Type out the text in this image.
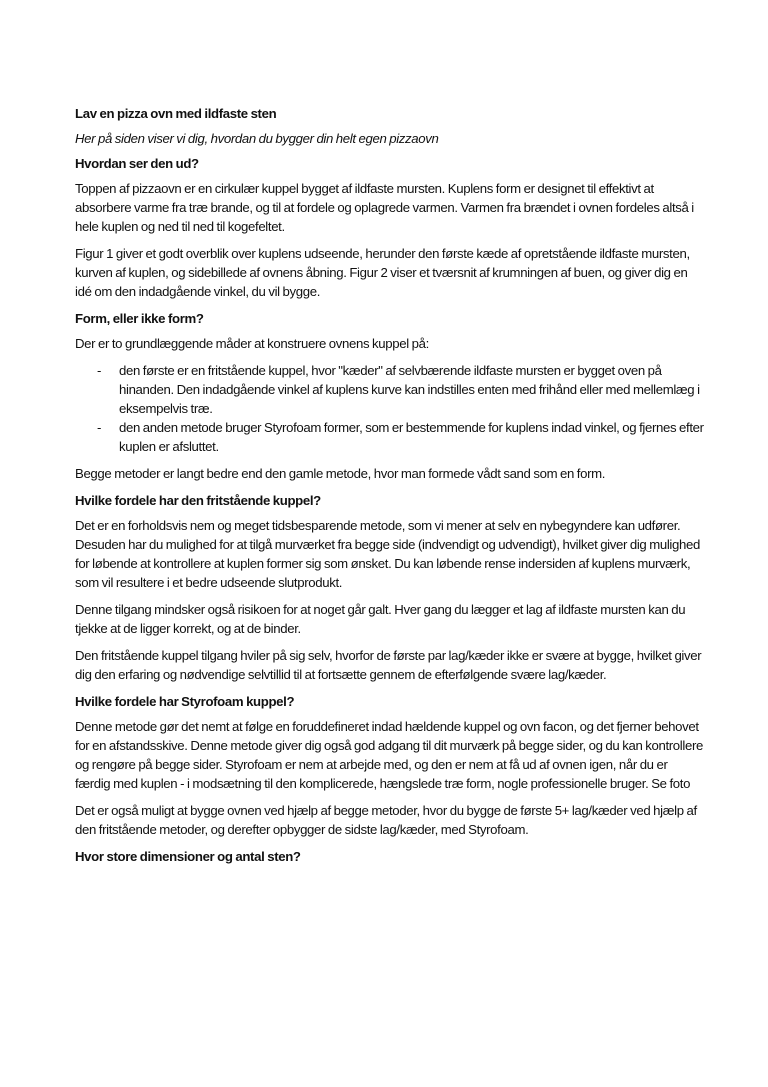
Lav en pizza ovn med ildfaste sten

Her på siden viser vi dig, hvordan du bygger din helt egen pizzaovn

Hvordan ser den ud?

Toppen af pizzaovn er en cirkulær kuppel bygget af ildfaste mursten. Kuplens form er designet til effektivt at absorbere varme fra træ brande, og til at fordele og oplagrede varmen. Varmen fra brændet i ovnen fordeles altså i hele kuplen og ned til ned til kogefeltet.

Figur 1 giver et godt overblik over kuplens udseende, herunder den første kæde af opretstående ildfaste mursten, kurven af kuplen, og sidebillede af ovnens åbning. Figur 2 viser et tværsnit af krumningen af buen, og giver dig en idé om den indadgående vinkel, du vil bygge.

Form, eller ikke form?

Der er to grundlæggende måder at konstruere ovnens kuppel på:

- den første er en fritstående kuppel, hvor "kæder" af selvbærende ildfaste mursten er bygget oven på hinanden. Den indadgående vinkel af kuplens kurve kan indstilles enten med frihånd eller med mellemlæg i eksempelvis træ.
- den anden metode bruger Styrofoam former, som er bestemmende for kuplens indad vinkel, og fjernes efter kuplen er afsluttet.

Begge metoder er langt bedre end den gamle metode, hvor man formede vådt sand som en form.

Hvilke fordele har den fritstående kuppel?

Det er en forholdsvis nem og meget tidsbesparende metode, som vi mener at selv en nybegyndere kan udfører. Desuden har du mulighed for at tilgå murværket fra begge side (indvendigt og udvendigt), hvilket giver dig mulighed for løbende at kontrollere at kuplen former sig som ønsket. Du kan løbende rense indersiden af kuplens murværk, som vil resultere i et bedre udseende slutprodukt.

Denne tilgang mindsker også risikoen for at noget går galt. Hver gang du lægger et lag af ildfaste mursten kan du tjekke at de ligger korrekt, og at de binder.

Den fritstående kuppel tilgang hviler på sig selv, hvorfor de første par lag/kæder ikke er svære at bygge, hvilket giver dig den erfaring og nødvendige selvtillid til at fortsætte gennem de efterfølgende svære lag/kæder.

Hvilke fordele har Styrofoam kuppel?

Denne metode gør det nemt at følge en foruddefineret indad hældende kuppel og ovn facon, og det fjerner behovet for en afstandsskive. Denne metode giver dig også god adgang til dit murværk på begge sider, og du kan kontrollere og rengøre på begge sider. Styrofoam er nem at arbejde med, og den er nem at få ud af ovnen igen, når du er færdig med kuplen - i modsætning til den komplicerede, hængslede træ form, nogle professionelle bruger. Se foto

Det er også muligt at bygge ovnen ved hjælp af begge metoder, hvor du bygge de første 5+ lag/kæder ved hjælp af den fritstående metoder, og derefter opbygger de sidste lag/kæder, med Styrofoam.

Hvor store dimensioner og antal sten?
